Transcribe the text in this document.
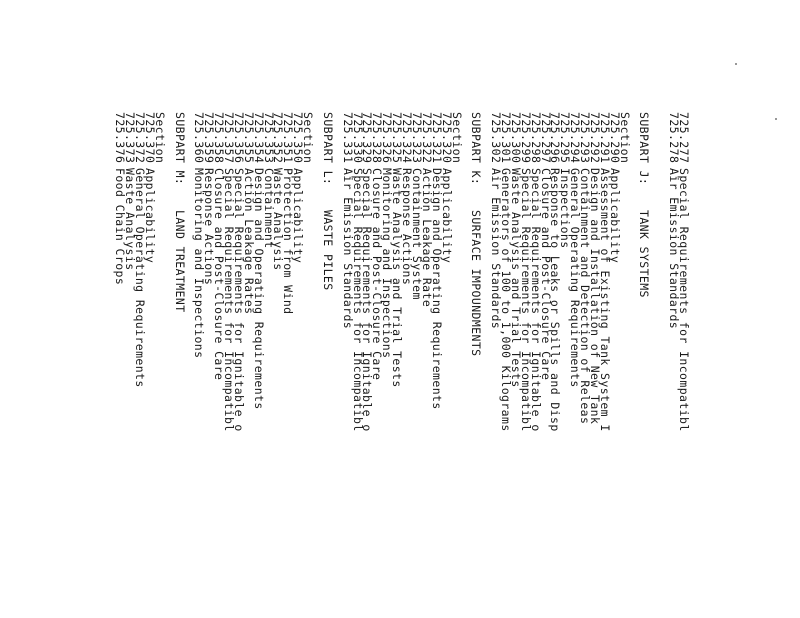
725.277
Special Requirements for Incompatibl
725.278
Air Emission Standards
SUBPART J:
TANK SYSTEMS
Section
725.290
Applicability
725.291
Assessment of Existing Tank System I
725.292
Design and Installation of New Tank
725.293
Containment and Detection of Releas
725.294
General Operating Requirements
725.295
Inspections
725.296
Response to Leaks or Spills and Disp
725.297
Closure and Post-Closure Care
725.298
Special Requirements for Ignitable o
725.299
Special Requirements for Incompatibl
725.300
Waste Analysis and Trial Tests
725.301
Generators of 100 to 1,000 Kilograms
725.302
Air Emission Standards
SUBPART K:
SURFACE IMPOUNDMENTS
Section
725.320
Applicability
725.321
Design and Operating Requirements
725.322
Action Leakage Rate
725.323
Containment System
725.324
Response Actions
725.325
Waste Analysis and Trial Tests
725.326
Monitoring and Inspections
725.328
Closure and Post-Closure Care
725.329
Special Requirements for Ignitable o
725.330
Special Requirements for Incompatibl
725.331
Air Emission Standards
SUBPART L:
WASTE PILES
Section
725.350
Applicability
725.351
Protection from Wind
725.352
Waste Analysis
725.353
Containment
725.354
Design and Operating Requirements
725.355
Action Leakage Rates
725.356
Special Requirements for Ignitable o
725.357
Special Requirements for Incompatibl
725.358
Closure and Post-Closure Care
725.359
Response Actions
725.360
Monitoring and Inspections
SUBPART M:
LAND TREATMENT
Section
725.370
Applicability
725.372
General Operating Requirements
725.373
Waste Analysis
725.376
Food Chain Crops
